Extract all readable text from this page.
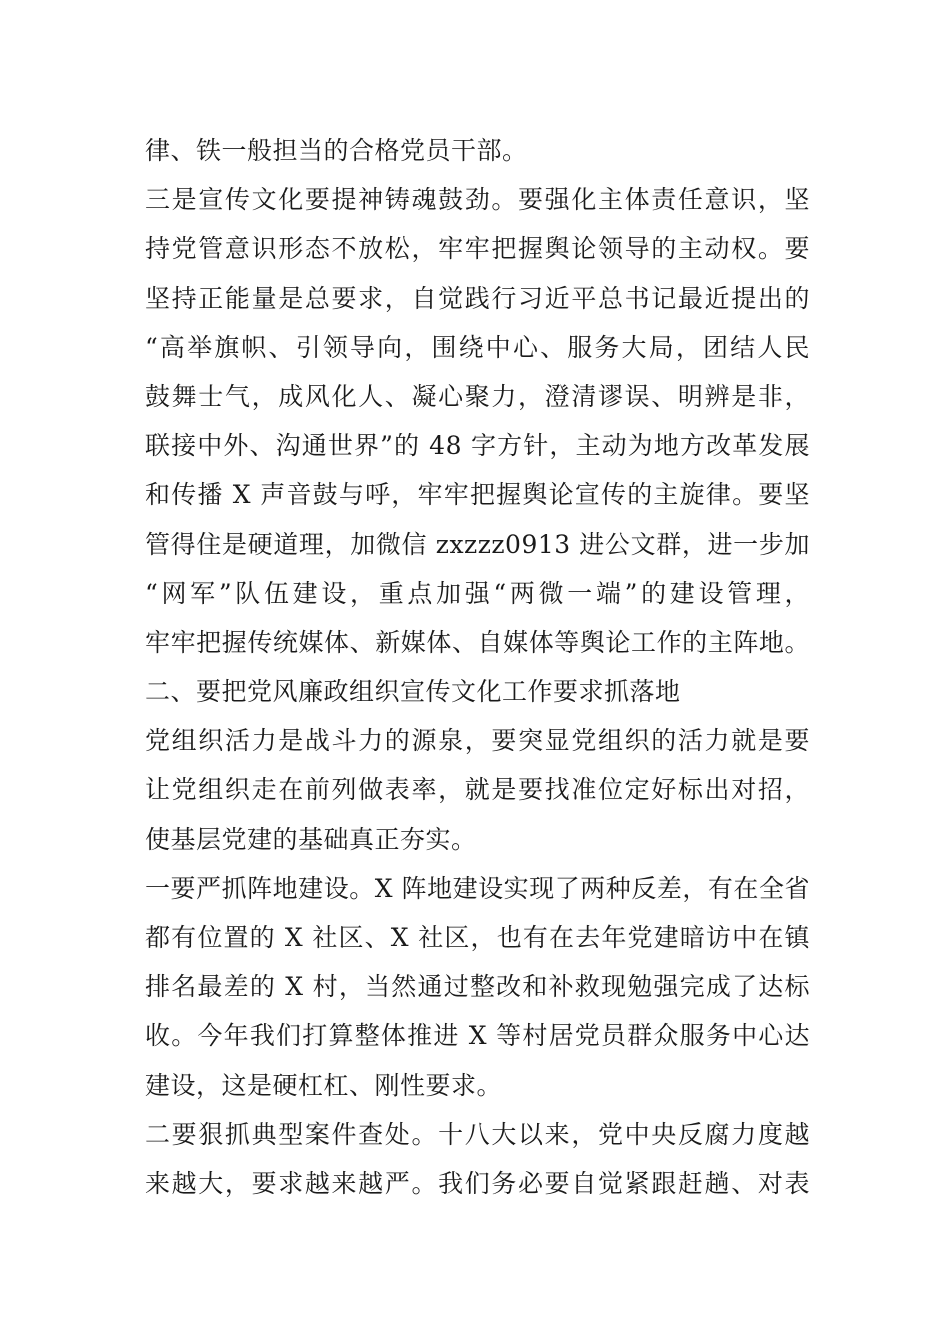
律、铁一般担当的合格党员干部。
三是宣传文化要提神铸魂鼓劲。要强化主体责任意识，坚
持党管意识形态不放松，牢牢把握舆论领导的主动权。要
坚持正能量是总要求，自觉践行习近平总书记最近提出的
“高举旗帜、引领导向，围绕中心、服务大局，团结人民
鼓舞士气，成风化人、凝心聚力，澄清谬误、明辨是非，
联接中外、沟通世界”的 48 字方针，主动为地方改革发展
和传播 X 声音鼓与呼，牢牢把握舆论宣传的主旋律。要坚
管得住是硬道理，加微信 zxzzz0913 进公文群，进一步加
“网军”队伍建设，重点加强“两微一端”的建设管理，
牢牢把握传统媒体、新媒体、自媒体等舆论工作的主阵地。
二、要把党风廉政组织宣传文化工作要求抓落地
党组织活力是战斗力的源泉，要突显党组织的活力就是要
让党组织走在前列做表率，就是要找准位定好标出对招，
使基层党建的基础真正夯实。
一要严抓阵地建设。X 阵地建设实现了两种反差，有在全省
都有位置的 X 社区、X 社区，也有在去年党建暗访中在镇
排名最差的 X 村，当然通过整改和补救现勉强完成了达标
收。今年我们打算整体推进 X 等村居党员群众服务中心达
建设，这是硬杠杠、刚性要求。
二要狠抓典型案件查处。十八大以来，党中央反腐力度越
来越大，要求越来越严。我们务必要自觉紧跟赶趟、对表
